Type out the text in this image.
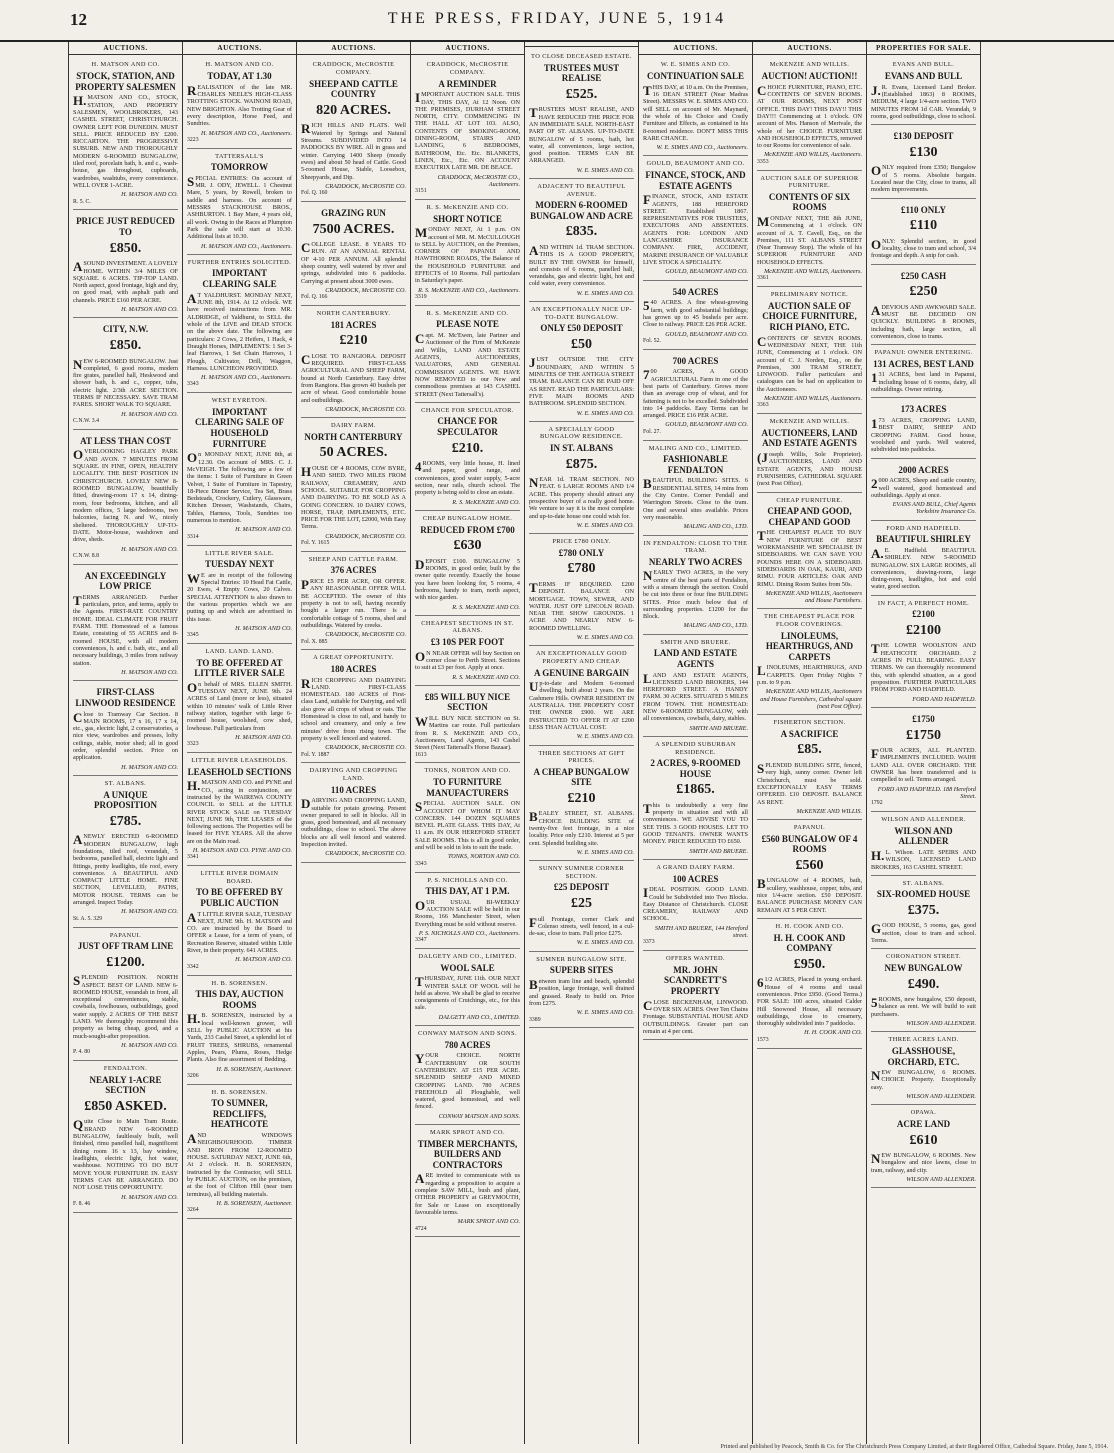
12	THE PRESS, FRIDAY, JUNE 5, 1914
AUCTIONS.
H. MATSON AND CO.
STOCK, STATION, AND PROPERTY SALESMEN
H.MATSON AND CO., STOCK, STATION, AND PROPERTY SALESMEN, WOOLBROKERS, 143 CASHEL STREET, CHRISTCHURCH. OWNER LEFT FOR DUNEDIN. MUST SELL. PRICE REDUCED BY £200. RICCARTON. THE PROGRESSIVE SUBURB. NEW AND THOROUGHLY MODERN 6-ROOMED BUNGALOW, tiled roof, porcelain bath, h. and c., wash-house, gas throughout, cupboards, wardrobes, washtubs, every convenience. WELL OVER 1-ACRE.
H. MATSON AND CO.
R. 5. C.
PRICE JUST REDUCED TO
£850.
ASOUND INVESTMENT. A LOVELY HOME. WITHIN 3/4 MILES OF SQUARE. 6 ACRES. TIP-TOP LAND. North aspect, good frontage, high and dry, on good road, with asphalt path and channels. PRICE £160 PER ACRE.
H. MATSON AND CO.
CITY, N.W.
£850.
NEW 6-ROOMED BUNGALOW. Just completed, 6 good rooms, modern fire grates, panelled hall, Heskwood and shower bath, h. and c., copper, tubs, electric light. 2/3th ACRE SECTION. TERMS IF NECESSARY. SAVE TRAM FARES. SHORT WALK TO SQUARE.
H. MATSON AND CO.
C.N.W. 3.4
AT LESS THAN COST
OVERLOOKING HAGLEY PARK AND AVON. 7 MINUTES FROM SQUARE. IN FINE, OPEN, HEALTHY LOCALITY. THE BEST POSITION IN CHRISTCHURCH. LOVELY NEW 8-ROOMED BUNGALOW, beautifully fitted, drawing-room 17 x 14, dining-room, four bedrooms, kitchen, and all modern offices, 5 large bedrooms, two balconies, facing N. and W., nicely sheltered. THOROUGHLY UP-TO-DATE. Motor-house, washdown and drive, sheds.
H. MATSON AND CO.
C.N.W. 8.8
AN EXCEEDINGLY LOW PRICE
TERMS ARRANGED. Further particulars, price, and terms, apply to the Agents. FIRST-RATE COUNTRY HOME. IDEAL CLIMATE FOR FRUIT FARM. THE Homestead of a famous Estate, consisting of 55 ACRES and 8-roomed HOUSE, with all modern conveniences, h. and c. bath, etc., and all necessary buildings, 3 miles from railway station.
H. MATSON AND CO.
FIRST-CLASS LINWOOD RESIDENCE
Close to Tramway Car Section. 8 MAIN ROOMS, 17 x 16, 17 x 14, etc., gas, electric light, 2 conservatories, a nice view, wardrobes and presses, lofty ceilings, stable, motor shed; all in good order, splendid section. Price on application.
H. MATSON AND CO.
ST. ALBANS.
A UNIQUE PROPOSITION
£785.
ANEWLY ERECTED 6-ROOMED MODERN BUNGALOW, high foundations, tiled roof, verandah, 5 bedrooms, panelled hall, electric light and fittings, pretty leadlights, tile roof, every convenience. A BEAUTIFUL AND COMPACT LITTLE HOME. FINE SECTION, LEVELLED, PATHS, MOTOR HOUSE. TERMS can be arranged. Inspect Today.
H. MATSON AND CO.
St. A. 5. 329
PAPANUI.
JUST OFF TRAM LINE
£1200.
SPLENDID POSITION. NORTH ASPECT. BEST OF LAND. NEW 6-ROOMED HOUSE, verandah in front, all exceptional conveniences, stable, cowbails, fowlhouses, outbuildings, good water supply. 2 ACRES OF THE BEST LAND. We thoroughly recommend this property as being cheap, good, and a much-sought-after proposition.
H. MATSON AND CO.
P. 4. 80
FENDALTON.
NEARLY 1-ACRE SECTION
£850 ASKED.
Quite Close to Main Tram Route. BRAND NEW 6-ROOMED BUNGALOW, faultlessly built, well finished, rimu panelled hall, magnificent dining room 16 x 13, bay window, leadlights, electric light, hot water, washhouse. NOTHING TO DO BUT MOVE YOUR FURNITURE IN. EASY TERMS CAN BE ARRANGED. DO NOT LOSE THIS OPPORTUNITY.
H. MATSON AND CO.
F. 8. 46
AUCTIONS.
H. MATSON AND CO.
TODAY, AT 1.30
REALISATION of the late MR. CHARLES NEELE'S HIGH-CLASS TROTTING STOCK. WAINONI ROAD, NEW BRIGHTON. Also Trotting Gear of every description, Horse Feed, and Sundries.
H. MATSON AND CO., Auctioneers.
3223
TATTERSALL'S
TOMORROW
SPECIAL ENTRIES: On account of MR. J. ODY, JEWELL. 1 Chestnut Mare, 5 years, by Rowell, broken to saddle and harness. On account of MESSRS STACKHOUSE BROS., ASHBURTON. 1 Bay Mare, 4 years old, all work. Owing to the Races at Plumpton Park the sale will start at 10.30. Additional lists at 10.30.
H. MATSON AND CO., Auctioneers.
FURTHER ENTRIES SOLICITED.
IMPORTANT CLEARING SALE
AT YALDHURST. MONDAY NEXT, JUNE 8th, 1914. At 12 o'clock. WE have received instructions from MR. ALDRIDGE, of Yaldhurst, to SELL the whole of the LIVE and DEAD STOCK on the above date. The following are particulars: 2 Cows, 2 Heifers, 1 Hack, 4 Draught Horses, IMPLEMENTS: 1 Set 3-leaf Harrows, 1 Set Chain Harrows, 1 Plough, Cultivator, Drill, Waggon, Harness. LUNCHEON PROVIDED.
H. MATSON AND CO., Auctioneers.
3343
WEST EYRETON.
IMPORTANT CLEARING SALE OF HOUSEHOLD FURNITURE
On MONDAY NEXT, JUNE 8th, at 12.30. On account of MRS. C. J. McVEIGH. The following are a few of the items: 1 Suite of Furniture in Green Velvet, 1 Suite of Furniture in Tapestry, 18-Piece Dinner Service, Tea Set, Brass Bedsteads, Crockery, Cutlery, Glassware, Kitchen Dresser, Washstands, Chairs, Tables, Harness, Tools, Sundries too numerous to mention.
H. MATSON AND CO.
3314
LITTLE RIVER SALE.
TUESDAY NEXT
WE are in receipt of the following Special Entries: 10 Head Fat Cattle, 20 Ewes, 4 Empty Cows, 20 Calves. SPECIAL ATTENTION is also drawn to the various properties which we are putting up and which are advertised in this issue.
H. MATSON AND CO.
3345
LAND. LAND. LAND.
TO BE OFFERED AT LITTLE RIVER SALE
On behalf of MRS. ELLEN SMITH. TUESDAY NEXT, JUNE 9th. 24 ACRES of Land (more or less), situated within 10 minutes' walk of Little River railway station, together with large 6-roomed house, woolshed, cow shed, lowhouse. Full particulars from
H. MATSON AND CO.
3323
LITTLE RIVER LEASEHOLDS.
LEASEHOLD SECTIONS
H.MATSON AND CO. and PYNE and CO., acting in conjunction, are instructed by the WAIREWA COUNTY COUNCIL to SELL at the LITTLE RIVER STOCK SALE on TUESDAY NEXT, JUNE 9th, THE LEASES of the following sections. The Properties will be leased for FIVE YEARS. All the above are on the Main road.
H. MATSON AND CO. PYNE AND CO.
3341
LITTLE RIVER DOMAIN BOARD.
TO BE OFFERED BY PUBLIC AUCTION
AT LITTLE RIVER SALE, TUESDAY NEXT, JUNE 9th. H. MATSON and CO. are instructed by the Board to OFFER a Lease, for a term of years, of Recreation Reserve, situated within Little River, in their property. 641 ACRES.
H. MATSON AND CO.
3342
H. B. SORENSEN.
THIS DAY, AUCTION ROOMS
H.B. SORENSEN, instructed by a local well-known grower, will SELL by PUBLIC AUCTION at his Yards, 233 Cashel Street, a splendid lot of FRUIT TREES, SHRUBS, ornamental Apples, Pears, Plums, Roses, Hedge Plants. Also fine assortment of Bedding.
H. B. SORENSEN, Auctioneer.
3206
H. B. SORENSEN.
TO SUMNER, REDCLIFFS, HEATHCOTE
AND WINDOWS NEIGHBOURHOOD. TIMBER AND IRON FROM 12-ROOMED HOUSE. SATURDAY NEXT, JUNE 6th, At 2 o'clock. H. B. SORENSEN, instructed by the Contractor, will SELL by PUBLIC AUCTION, on the premises, at the foot of Clifton Hill (near tram terminus), all building materials.
H. B. SORENSEN, Auctioneer.
3264
AUCTIONS.
CRADDOCK, McCROSTIE COMPANY.
SHEEP AND CATTLE COUNTRY
820 ACRES.
RICH HILLS AND FLATS. Well Watered by Springs and Natural Streams. SUBDIVIDED INTO 14 PADDOCKS BY WIRE. All in grass and winter. Carrying 1400 Sheep (mostly ewes) and about 50 head of Cattle. Good 5-roomed House, Stable, Loosebox, Sheepyards, and Dip.
CRADDOCK, McCROSTIE CO.
Fol. Q. 160
GRAZING RUN
7500 ACRES.
COLLEGE LEASE. 8 YEARS TO RUN. AT AN ANNUAL RENTAL OF 4-10 PER ANNUM. All splendid sheep country, well watered by river and springs, subdivided into 6 paddocks. Carrying at present about 3000 ewes.
CRADDOCK, McCROSTIE CO.
Fol. Q. 166
NORTH CANTERBURY.
181 ACRES
£210
CLOSE TO RANGIORA. DEPOSIT REQUIRED. FIRST-CLASS AGRICULTURAL AND SHEEP FARM, bound at North Canterbury. Easy drive from Rangiora. Has grown 40 bushels per acre of wheat. Good comfortable house and outbuildings.
CRADDOCK, McCROSTIE CO.
DAIRY FARM.
NORTH CANTERBURY
50 ACRES.
HOUSE OF 4 ROOMS, COW BYRE, AND SHED. TWO MILES FROM RAILWAY, CREAMERY, AND SCHOOL. SUITABLE FOR CROPPING AND DAIRYING. TO BE SOLD AS A GOING CONCERN. 10 DAIRY COWS, HORSE, TRAP, IMPLEMENTS, ETC. PRICE FOR THE LOT, £2000, With Easy Terms.
CRADDOCK, McCROSTIE CO.
Fol. Y. 1615
SHEEP AND CATTLE FARM.
376 ACRES
PRICE £5 PER ACRE, OR OFFER. ANY REASONABLE OFFER WILL BE ACCEPTED. The owner of this property is not to sell, having recently bought a larger run. There is a comfortable cottage of 5 rooms, shed and outbuildings. Watered by creeks.
CRADDOCK, McCROSTIE CO.
Fol. X. 885
A GREAT OPPORTUNITY.
180 ACRES
RICH CROPPING AND DAIRYING LAND. FIRST-CLASS HOMESTEAD. 180 ACRES of First-class Land, suitable for Dairying, and will also grow all crops of wheat or oats. The Homestead is close to rail, and handy to school and creamery, and only a few minutes' drive from rising town. The property is well fenced and watered.
CRADDOCK, McCROSTIE CO.
Fol. Y. 1887
DAIRYING AND CROPPING LAND.
110 ACRES
DAIRYING AND CROPPING LAND, suitable for potato growing. Present owner prepared to sell in blocks. All in grass, good homestead, and all necessary outbuildings, close to school. The above blocks are all well fenced and watered. Inspection invited.
CRADDOCK, McCROSTIE CO.
AUCTIONS.
CRADDOCK, McCROSTIE COMPANY.
A REMINDER
IMPORTANT AUCTION SALE. THIS DAY, THIS DAY, At 12 Noon. ON THE PREMISES, DURHAM STREET NORTH, CITY. COMMENCING IN THE HALL AT LOT 103. ALSO, CONTENTS OF SMOKING-ROOM, DINING-ROOM, STAIRS AND LANDING, 6 BEDROOMS, BATHROOM, Etc. Etc. BLANKETS, LINEN, Etc., Etc. ON ACCOUNT EXECUTRIX LATE MR. DE BEACE.
CRADDOCK, McCROSTIE CO., Auctioneers.
3151
R. S. McKENZIE AND CO.
SHORT NOTICE
MONDAY NEXT, At 1 p.m. ON account of MR. M. McCULLOUGH to SELL by AUCTION, on the Premises, CORNER OF PAPANUI AND HAWTHORNE ROADS, The Balance of the HOUSEHOLD FURNITURE and EFFECTS of 10 Rooms. Full particulars in Saturday's paper.
R. S. McKENZIE AND CO., Auctioneers.
3319
R. S. McKENZIE AND CO.
PLEASE NOTE
Capt. M. Mc'Ewen, late Partner and Auctioneer of the Firm of McKenzie and Willis, LAND AND ESTATE AGENTS, AUCTIONEERS, VALUATORS, AND GENERAL COMMISSION AGENTS. WE HAVE NOW REMOVED to our New and commodious premises at 143 CASHEL STREET (Next Tattersall's).
CHANCE FOR SPECULATOR.
CHANCE FOR SPECULATOR
£210.
4ROOMS, very little house, H. lined and paper, good range, and conveniences, good water supply, 5-acre section, near rails, church school. The property is being sold to close an estate.
R. S. McKENZIE AND CO.
CHEAP BUNGALOW HOME.
REDUCED FROM £700
£630
DEPOSIT £100. BUNGALOW 5 ROOMS, in good order, built by the owner quite recently. Exactly the house you have been looking for, 5 rooms, 4 bedrooms, handy to tram, north aspect, with nice garden.
R. S. McKENZIE AND CO.
CHEAPEST SECTIONS IN ST. ALBANS.
£3 10S PER FOOT
ON NEAR OFFER will buy Section on corner close to Perth Street. Sections to suit at £3 per foot. Apply at once.
R. S. McKENZIE AND CO.
£85 WILL BUY NICE SECTION
WILL BUY NICE SECTION on St. Martins car route. Full particulars from R. S. McKENZIE AND CO., Auctioneers, Land Agents, 143 Cashel Street (Next Tattersall's Horse Bazaar).
1613
TONKS, NORTON AND CO.
TO FURNITURE MANUFACTURERS
SPECIAL AUCTION SALE. ON ACCOUNT OF WHOM IT MAY CONCERN. 144 DOZEN SQUARES BEVEL PLATE GLASS. THIS DAY, At 11 a.m. IN OUR HEREFORD STREET SALE ROOMS. This is all in good order, and will be sold in lots to suit the trade.
TONKS, NORTON AND CO.
3343
P. S. NICHOLLS AND CO.
THIS DAY, AT 1 P.M.
OUR USUAL BI-WEEKLY AUCTION SALE will be held in our Rooms, 166 Manchester Street, when Everything must be sold without reserve.
P. S. NICHOLLS AND CO., Auctioneers.
3347
DALGETY AND CO., LIMITED.
WOOL SALE
THURSDAY, JUNE 11th. OUR NEXT WINTER SALE OF WOOL will be held as above. We shall be glad to receive consignments of Crutchings, etc., for this sale.
DALGETY AND CO., LIMITED.
CONWAY MATSON AND SONS.
780 ACRES
YOUR CHOICE. NORTH CANTERBURY OR SOUTH CANTERBURY. AT £15 PER ACRE. SPLENDID SHEEP AND MIXED CROPPING LAND. 780 ACRES FREEHOLD all Ploughable, well watered, good homestead, and well fenced.
CONWAY MATSON AND SONS.
MARK SPROT AND CO.
TIMBER MERCHANTS, BUILDERS AND CONTRACTORS
ARE invited to communicate with us regarding a proposition to acquire a complete SAW MILL, bush and plant, OTHER PROPERTY at GREYMOUTH, for Sale or Lease on exceptionally favourable terms.
MARK SPROT AND CO.
4724
TO CLOSE DECEASED ESTATE.
TRUSTEES MUST REALISE
£525.
TRUSTEES MUST REALISE, AND HAVE REDUCED THE PRICE FOR AN IMMEDIATE SALE. NORTH-EAST PART OF ST. ALBANS. UP-TO-DATE BUNGALOW of 5 rooms, bath, hot water, all conveniences, large section, good position. TERMS CAN BE ARRANGED.
W. E. SIMES AND CO.
ADJACENT TO BEAUTIFUL AVENUE.
MODERN 6-ROOMED BUNGALOW AND ACRE
£835.
AND WITHIN 1d. TRAM SECTION. THIS IS A GOOD PROPERTY, BUILT BY THE OWNER for himself, and consists of 6 rooms, panelled hall, verandahs, gas and electric light, hot and cold water, every convenience.
W. E. SIMES AND CO.
AN EXCEPTIONALLY NICE UP-TO-DATE BUNGALOW.
ONLY £50 DEPOSIT
£50
JUST OUTSIDE THE CITY BOUNDARY, AND WITHIN 5 MINUTES OF THE ANTIGUA STREET TRAM. BALANCE CAN BE PAID OFF AS RENT. READ THE PARTICULARS: FIVE MAIN ROOMS AND BATHROOM. SPLENDID SECTION.
W. E. SIMES AND CO.
A SPECIALLY GOOD BUNGALOW RESIDENCE.
IN ST. ALBANS
£875.
NEAR 1d. TRAM SECTION. NO FEAT. 6 LARGE ROOMS AND 1/4 ACRE. This property should attract any prospective buyer of a really good home. We venture to say it is the most complete and up-to-date house one could wish for.
W. E. SIMES AND CO.
PRICE £780 ONLY.
£780 ONLY
£780
TERMS IF REQUIRED. £200 DEPOSIT. BALANCE ON MORTGAGE. TOWN, SEWER, AND WATER. JUST OFF LINCOLN ROAD. NEAR THE SHOW GROUNDS. 1 ACRE AND NEARLY NEW 6-ROOMED DWELLING.
W. E. SIMES AND CO.
AN EXCEPTIONALLY GOOD PROPERTY AND CHEAP.
A GENUINE BARGAIN
Up-to-date and Modern 6-roomed dwelling, built about 2 years. On the Cashmere Hills. OWNER RESIDENT IN AUSTRALIA. THE PROPERTY COST THE OWNER £900. WE ARE INSTRUCTED TO OFFER IT AT £200 LESS THAN ACTUAL COST.
W. E. SIMES AND CO.
THREE SECTIONS AT GIFT PRICES.
A CHEAP BUNGALOW SITE
£210
BEALEY STREET, ST. ALBANS. CHOICE BUILDING SITE of twenty-five feet frontage, in a nice locality. Price only £210. Interest at 5 per cent. Splendid building site.
W. E. SIMES AND CO.
SUNNY SUMNER CORNER SECTION.
£25 DEPOSIT
£25
Full Frontage, corner Clark and Colenso streets, well fenced, in a cul-de-sac, close to tram. Full price £275.
W. E. SIMES AND CO.
SUMNER BUNGALOW SITE.
SUPERB SITES
Between tram line and beach, splendid position, large frontage, well drained and grassed. Ready to build on. Price from £275.
W. E. SIMES AND CO.
3389
AUCTIONS.
W. E. SIMES AND CO.
CONTINUATION SALE
THIS DAY, at 10 a.m. On the Premises, 16 DEAN STREET (Near Madras Street). MESSRS W. E. SIMES AND CO. will SELL on account of Mr. Maynard, the whole of his Choice and Costly Furniture and Effects, as contained in his 8-roomed residence. DON'T MISS THIS RARE CHANCE.
W. E. SIMES AND CO., Auctioneers.
GOULD, BEAUMONT AND CO.
FINANCE, STOCK, AND ESTATE AGENTS
FINANCE, STOCK, AND ESTATE AGENTS, 188 HEREFORD STREET. Established 1867. REPRESENTATIVES FOR TRUSTEES, EXECUTORS AND ABSENTEES. AGENTS FOR: LONDON AND LANCASHIRE INSURANCE COMPANY. FIRE, ACCIDENT, MARINE INSURANCE OF VALUABLE LIVE STOCK A SPECIALITY.
GOULD, BEAUMONT AND CO.
540 ACRES
540 ACRES. A fine wheat-growing farm, with good substantial buildings; has grown up to 45 bushels per acre. Close to railway. PRICE £26 PER ACRE.
GOULD, BEAUMONT AND CO.
Fol. 52.
700 ACRES
700 ACRES, A GOOD AGRICULTURAL Farm in one of the best parts of Canterbury. Grows more than an average crop of wheat, and for fattening is not to be excelled. Subdivided into 14 paddocks. Easy Terms can be arranged. PRICE £16 PER ACRE.
GOULD, BEAUMONT AND CO.
Fol. 27.
MALING AND CO., LIMITED.
FASHIONABLE FENDALTON
BEAUTIFUL BUILDING SITES. 6 RESIDENTIAL SITES, 14 mins from the City Centre. Corner Fendall and Warrington Streets. Close to the tram. One and several sites available. Prices very reasonable.
MALING AND CO., LTD.
IN FENDALTON: CLOSE TO THE TRAM.
NEARLY TWO ACRES
NEARLY TWO ACRES, in the very centre of the best parts of Fendalton, with a stream through the section. Could be cut into three or four fine BUILDING SITES. Price much below that of surrounding properties. £1200 for the Block.
MALING AND CO., LTD.
SMITH AND BRUERE.
LAND AND ESTATE AGENTS
LAND AND ESTATE AGENTS, LICENSED LAND BROKERS, 144 HEREFORD STREET. A HANDY FARM. 30 ACRES. SITUATED 5 MILES FROM TOWN. THE HOMESTEAD: NEW 6-ROOMED BUNGALOW, with all conveniences, cowbails, dairy, stables.
SMITH AND BRUERE.
A SPLENDID SUBURBAN RESIDENCE.
2 ACRES, 9-ROOMED HOUSE
£1865.
This is undoubtedly a very fine property in situation and with all conveniences. WE ADVISE YOU TO SEE THIS. 3 GOOD HOUSES. LET TO GOOD TENANTS. OWNER WANTS MONEY. PRICE REDUCED TO £650.
SMITH AND BRUERE.
A GRAND DAIRY FARM.
100 ACRES
IDEAL POSITION. GOOD LAND. Could be Subdivided into Two Blocks. Easy Distance of Christchurch. CLOSE CREAMERY, RAILWAY AND SCHOOL.
SMITH AND BRUERE, 144 Hereford street.
3373
OFFERS WANTED.
MR. JOHN SCANDRETT'S PROPERTY
CLOSE BECKENHAM, LINWOOD. OVER SIX ACRES. Over Ten Chains Frontage. SUBSTANTIAL HOUSE AND OUTBUILDINGS. Greater part can remain at 4 per cent.
AUCTIONS.
McKENZIE AND WILLIS.
AUCTION! AUCTION!!
CHOICE FURNITURE, PIANO, ETC. CONTENTS OF SEVEN ROOMS. AT OUR ROOMS, NEXT POST OFFICE. THIS DAY! THIS DAY!! THIS DAY!!! Commencing at 1 o'clock. ON account of Mrs. Hanson of Merivale, the whole of her CHOICE FURNITURE AND HOUSEHOLD EFFECTS, removed to our Rooms for convenience of sale.
McKENZIE AND WILLIS, Auctioneers.
3353
AUCTION SALE OF SUPERIOR FURNITURE.
CONTENTS OF SIX ROOMS
MONDAY NEXT, THE 8th JUNE, Commencing at 1 o'clock. ON account of A. T. Cavell, Esq., on the Premises, 111 ST. ALBANS STREET (Near Tramway Stop). The whole of his SUPERIOR FURNITURE AND HOUSEHOLD EFFECTS.
McKENZIE AND WILLIS, Auctioneers.
3361
PRELIMINARY NOTICE.
AUCTION SALE OF CHOICE FURNITURE, RICH PIANO, ETC.
CONTENTS OF SEVEN ROOMS. WEDNESDAY NEXT, THE 11th JUNE, Commencing at 1 o'clock. ON account of C. J. Norden, Esq., on the Premises, 300 TRAM STREET, LINWOOD. Fuller particulars and catalogues can be had on application to the Auctioneers.
McKENZIE AND WILLIS, Auctioneers.
3363
McKENZIE AND WILLIS.
AUCTIONEERS, LAND AND ESTATE AGENTS
(Joseph Willis, Sole Proprietor). AUCTIONEERS, LAND AND ESTATE AGENTS, AND HOUSE FURNISHERS, CATHEDRAL SQUARE (next Post Office).
CHEAP FURNITURE.
CHEAP AND GOOD, CHEAP AND GOOD
THE CHEAPEST PLACE TO BUY NEW FURNITURE OF BEST WORKMANSHIP. WE SPECIALISE IN SIDEBOARDS. WE CAN SAVE YOU POUNDS HERE ON A SIDEBOARD. SIDEBOARDS IN OAK, KAURI, AND RIMU. FOUR ARTICLES: OAK AND RIMU. Dining Room Suites from 50s.
McKENZIE AND WILLIS, Auctioneers and House Furnishers.
THE CHEAPEST PLACE FOR FLOOR COVERINGS.
LINOLEUMS, HEARTHRUGS, AND CARPETS
LINOLEUMS, HEARTHRUGS, AND CARPETS. Open Friday Nights 7 p.m. to 9 p.m.
McKENZIE AND WILLIS, Auctioneers and House Furnishers, Cathedral square (next Post Office).
FISHERTON SECTION.
A SACRIFICE
£85.
SPLENDID BUILDING SITE, fenced, very high, sunny corner. Owner left Christchurch, must be sold. EXCEPTIONALLY EASY TERMS OFFERED. £10 DEPOSIT. BALANCE AS RENT.
McKENZIE AND WILLIS.
PAPANUI.
£560 BUNGALOW OF 4 ROOMS
£560
BUNGALOW of 4 ROOMS, bath, scullery, washhouse, copper, tubs, and nice 1/4-acre section. £50 DEPOSIT. BALANCE PURCHASE MONEY CAN REMAIN AT 5 PER CENT.
H. H. COOK AND CO.
H. H. COOK AND COMPANY
£950.
61/2 ACRES, Placed in young orchard. House of 4 rooms and usual conveniences. Price £950. (Good Terms.) FOR SALE: 100 acres, situated Calder Hill Snowood House, all necessary outbuildings, close to creamery, thoroughly subdivided into 7 paddocks.
H. H. COOK AND CO.
1573
PROPERTIES FOR SALE.
EVANS AND BULL.
EVANS AND BULL
J.R. Evans, Licensed Land Broker. (Established 1863) 8 ROOMS, MEDIUM, 4 large 1/4-acre section. TWO MINUTES FROM 1d CAR. Verandah, 9 rooms, good outbuildings, close to school.
£130 DEPOSIT
£130
ONLY required from £350; Bungalow of 5 rooms. Absolute bargain. Located near the City, close to trams, all modern improvements.
£110 ONLY
£110
ONLY: Splendid section, in good locality, close to tram and school, 3/4 frontage and depth. A snip for cash.
£250 CASH
£250
ADEVIOUS AND AWKWARD SALE. MUST BE DECIDED ON QUICKLY. BUILDING 8 ROOMS, including bath, large section, all conveniences, close to trams.
PAPANUI: OWNER ENTERING.
131 ACRES, BEST LAND
131 ACRES, best land in Papanui, including house of 6 rooms, dairy, all outbuildings. Owner retiring.
173 ACRES
173 ACRES, CROPPING LAND, BEST DAIRY, SHEEP AND CROPPING FARM. Good house, woolshed and yards. Well watered, subdivided into paddocks.
2000 ACRES
2000 ACRES, Sheep and cattle country, well watered, good homestead and outbuildings. Apply at once.
EVANS AND BULL, Chief Agents Yorkshire Insurance Co.
FORD AND HADFIELD.
BEAUTIFUL SHIRLEY
A.E. Hadfield. BEAUTIFUL SHIRLEY. NEW 5-ROOMED BUNGALOW. SIX LARGE ROOMS, all conveniences, drawing-room, large dining-room, leadlights, hot and cold water, good section.
IN FACT, A PERFECT HOME.
£2100
£2100
THE LOWER WOOLSTON AND HEATHCOTE ORCHARD. 2 ACRES IN FULL BEARING. EASY TERMS. We can thoroughly recommend this, with splendid situation, as a good proposition. FURTHER PARTICULARS FROM FORD AND HADFIELD.
FORD AND HADFIELD.
£1750
£1750
FOUR ACRES, ALL PLANTED. IMPLEMENTS INCLUDED. WAIHI LAND ALL OVER ORCHARD. THE OWNER has been transferred and is compelled to sell. Terms arranged.
FORD AND HADFIELD. 188 Hereford Street.
1792
WILSON AND ALLENDER.
WILSON AND ALLENDER
H.L. Wilson. LATE SPEIRS AND WILSON, LICENSED LAND BROKERS, 163 CASHEL STREET.
ST. ALBANS.
SIX-ROOMED HOUSE
£375.
GOOD HOUSE, 5 rooms, gas, good section, close to tram and school. Terms.
CORONATION STREET.
NEW BUNGALOW
£490.
5ROOMS, new bungalow, £50 deposit, balance as rent. We will build to suit purchasers.
WILSON AND ALLENDER.
THREE ACRES LAND.
GLASSHOUSE, ORCHARD, ETC.
NEW BUNGALOW, 6 ROOMS. CHOICE Property. Exceptionally easy.
WILSON AND ALLENDER.
OPAWA.
ACRE LAND
£610
NEW BUNGALOW, 6 ROOMS. New bungalow and nice lawns, close to tram, railway, and city.
WILSON AND ALLENDER.
Printed and published by Peacock, Smith & Co. for The Christchurch Press Company Limited, at their Registered Office, Cathedral Square. Friday, June 5, 1914.
